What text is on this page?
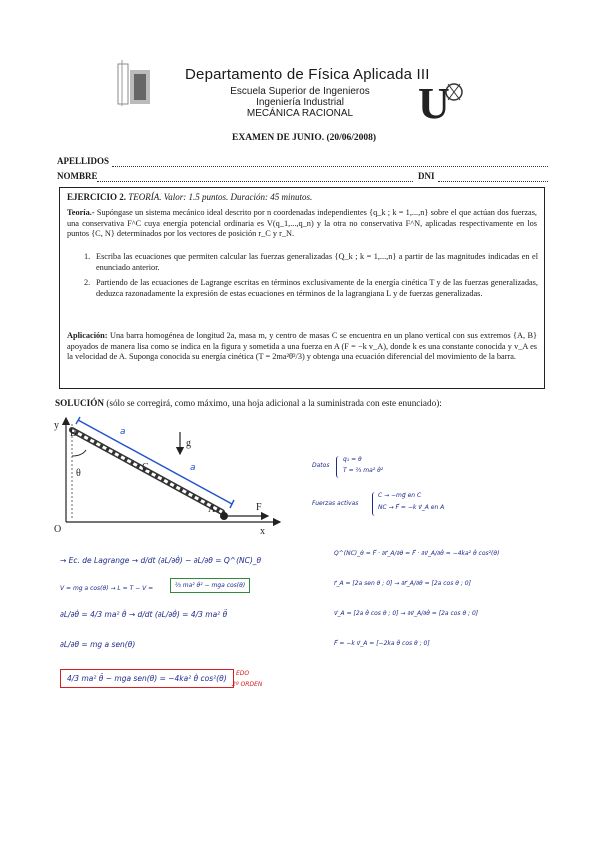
Departamento de Física Aplicada III
Escuela Superior de Ingenieros
Ingeniería Industrial
MECÁNICA RACIONAL	U
EXAMEN DE JUNIO. (20/06/2008)
APELLIDOS
NOMBRE	DNI
EJERCICIO 2. TEORÍA. Valor: 1.5 puntos. Duración: 45 minutos.
Teoría.- Supóngase un sistema mecánico ideal descrito por n coordenadas independientes {q_k ; k = 1,...,n} sobre el que actúan dos fuerzas, una conservativa F^C cuya energía potencial ordinaria es V(q_1,...,q_n) y la otra no conservativa F^N, aplicadas respectivamente en los puntos {C, N} determinados por los vectores de posición r_C y r_N.
1. Escriba las ecuaciones que permiten calcular las fuerzas generalizadas {Q_k ; k = 1,...,n} a partir de las magnitudes indicadas en el enunciado anterior.
2. Partiendo de las ecuaciones de Lagrange escritas en términos exclusivamente de la energía cinética T y de las fuerzas generalizadas, deduzca razonadamente la expresión de estas ecuaciones en términos de la lagrangiana L y de fuerzas generalizadas.
Aplicación: Una barra homogénea de longitud 2a, masa m, y centro de masas C se encuentra en un plano vertical con sus extremos {A, B} apoyados de manera lisa como se indica en la figura y sometida a una fuerza en A (F = −k v_A), donde k es una constante conocida y v_A es la velocidad de A. Suponga conocida su energía cinética (T = 2ma²θ̇²/3) y obtenga una ecuación diferencial del movimiento de la barra.
SOLUCIÓN (sólo se corregirá, como máximo, una hoja adicional a la suministrada con este enunciado):
a
a
θ
y
x
O
B
C
A
g
F
Datos
q₁ = θ
T = ⅔ ma² θ̇²
Fuerzas activas
C → −mg⃗ en C
NC → F⃗ = −k v⃗_A en A
→ Ec. de Lagrange → d/dt (∂L/∂θ̇) − ∂L/∂θ = Q^(NC)_θ
V = mg a cos(θ) → L = T − V =	⅔ ma² θ̇² − mga cos(θ)
∂L/∂θ̇ = 4/3 ma² θ̇ → d/dt (∂L/∂θ̇) = 4/3 ma² θ̈
∂L/∂θ = mg a sen(θ)
4/3 ma² θ̈ − mga sen(θ) = −4ka² θ̇ cos²(θ)
EDO
2º ORDEN
Q^(NC)_θ = F⃗ · ∂r⃗_A/∂θ = F⃗ · ∂v⃗_A/∂θ̇ = −4ka² θ̇ cos²(θ)
r⃗_A = [2a sen θ ; 0] → ∂r⃗_A/∂θ = [2a cos θ ; 0]
v⃗_A = [2a θ̇ cos θ ; 0] → ∂v⃗_A/∂θ̇ = [2a cos θ ; 0]
F⃗ = −k v⃗_A = [−2ka θ̇ cos θ ; 0]
